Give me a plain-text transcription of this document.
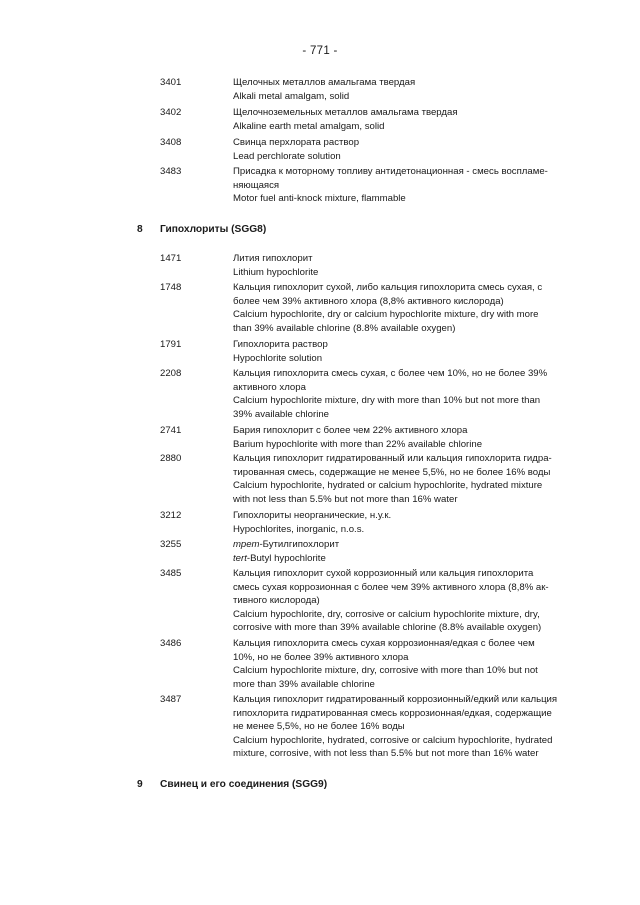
- 771 -
3401	Щелочных металлов амальгама твердая
Alkali metal amalgam, solid
3402	Щелочноземельных металлов амальгама твердая
Alkaline earth metal amalgam, solid
3408	Свинца перхлората раствор
Lead perchlorate solution
3483	Присадка к моторному топливу антидетонационная - смесь воспламе-
няющаяся
Motor fuel anti-knock mixture, flammable
8 Гипохлориты (SGG8)
1471	Лития гипохлорит
Lithium hypochlorite
1748	Кальция гипохлорит сухой, либо кальция гипохлорита смесь сухая, с
более чем 39% активного хлора (8,8% активного кислорода)
Calcium hypochlorite, dry or calcium hypochlorite mixture, dry with more
than 39% available chlorine (8.8% available oxygen)
1791	Гипохлорита раствор
Hypochlorite solution
2208	Кальция гипохлорита смесь сухая, с более чем 10%, но не более 39%
активного хлора
Calcium hypochlorite mixture, dry with more than 10% but not more than
39% available chlorine
2741	Бария гипохлорит с более чем 22% активного хлора
Barium hypochlorite with more than 22% available chlorine
2880	Кальция гипохлорит гидратированный или кальция гипохлорита гидра-
тированная смесь, содержащие не менее 5,5%, но не более 16% воды
Calcium hypochlorite, hydrated or calcium hypochlorite, hydrated mixture
with not less than 5.5% but not more than 16% water
3212	Гипохлориты неорганические, н.у.к.
Hypochlorites, inorganic, n.o.s.
3255	трет-Бутилгипохлорит
tert-Butyl hypochlorite
3485	Кальция гипохлорит сухой коррозионный или кальция гипохлорита
смесь сухая коррозионная с более чем 39% активного хлора (8,8% ак-
тивного кислорода)
Calcium hypochlorite, dry, corrosive or calcium hypochlorite mixture, dry,
corrosive with more than 39% available chlorine (8.8% available oxygen)
3486	Кальция гипохлорита смесь сухая коррозионная/едкая с более чем
10%, но не более 39% активного хлора
Calcium hypochlorite mixture, dry, corrosive with more than 10% but not
more than 39% available chlorine
3487	Кальция гипохлорит гидратированный коррозионный/едкий или кальция
гипохлорита гидратированная смесь коррозионная/едкая, содержащие
не менее 5,5%, но не более 16% воды
Calcium hypochlorite, hydrated, corrosive or calcium hypochlorite, hydrated
mixture, corrosive, with not less than 5.5% but not more than 16% water
9 Свинец и его соединения (SGG9)
